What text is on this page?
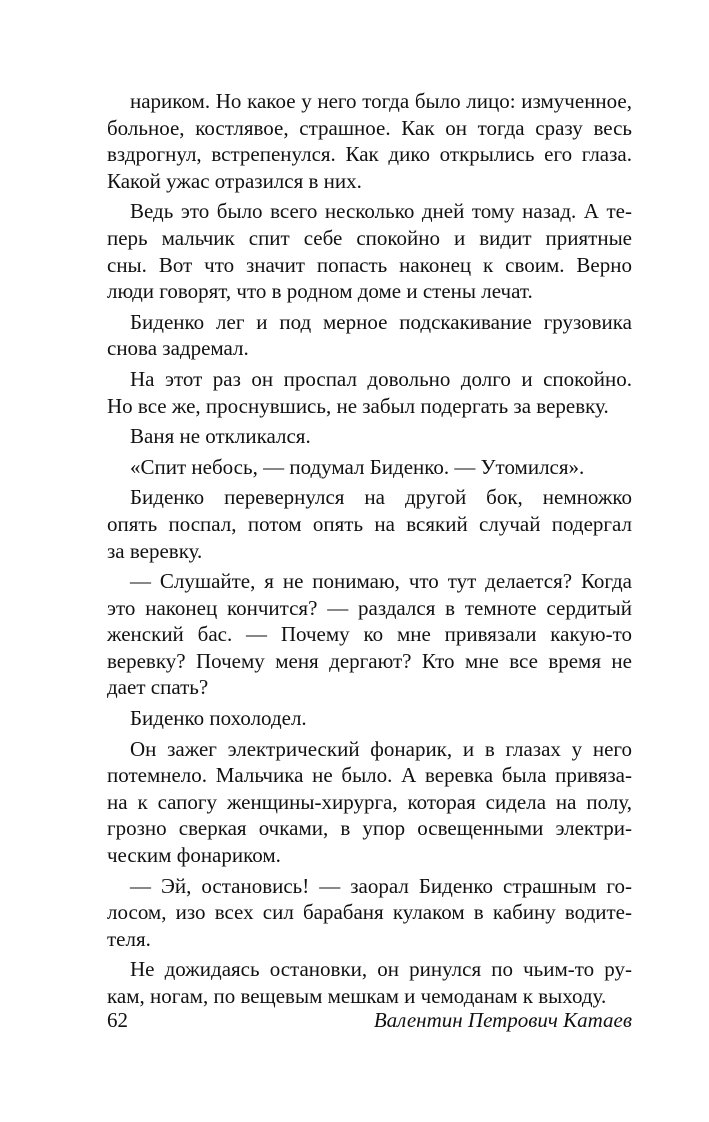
нариком. Но какое у него тогда было лицо: измученное,
больное, костлявое, страшное. Как он тогда сразу весь
вздрогнул, встрепенулся. Как дико открылись его глаза.
Какой ужас отразился в них.

Ведь это было всего несколько дней тому назад. А те-
перь мальчик спит себе спокойно и видит приятные
сны. Вот что значит попасть наконец к своим. Верно
люди говорят, что в родном доме и стены лечат.

Биденко лег и под мерное подскакивание грузовика
снова задремал.

На этот раз он проспал довольно долго и спокойно.
Но все же, проснувшись, не забыл подергать за веревку.

Ваня не откликался.

«Спит небось, — подумал Биденко. — Утомился».

Биденко перевернулся на другой бок, немножко
опять поспал, потом опять на всякий случай подергал
за веревку.

— Слушайте, я не понимаю, что тут делается? Когда
это наконец кончится? — раздался в темноте сердитый
женский бас. — Почему ко мне привязали какую-то
веревку? Почему меня дергают? Кто мне все время не
дает спать?

Биденко похолодел.

Он зажег электрический фонарик, и в глазах у него
потемнело. Мальчика не было. А веревка была привяза-
на к сапогу женщины-хирурга, которая сидела на полу,
грозно сверкая очками, в упор освещенными электри-
ческим фонариком.

— Эй, остановись! — заорал Биденко страшным го-
лосом, изо всех сил барабаня кулаком в кабину водите-
теля.

Не дожидаясь остановки, он ринулся по чьим-то ру-
кам, ногам, по вещевым мешкам и чемоданам к выходу.

62	Валентин Петрович Катаев
